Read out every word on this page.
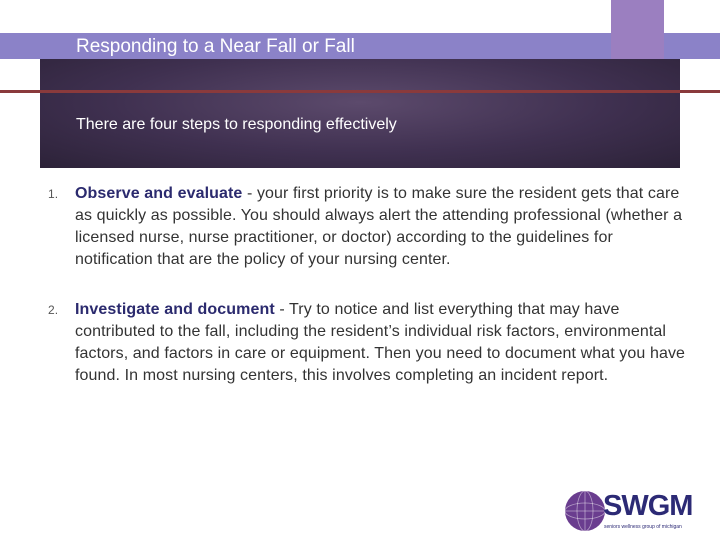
Responding to a Near Fall or Fall
There are four steps to responding effectively
1. Observe and evaluate - your first priority is to make sure the resident gets that care as quickly as possible. You should always alert the attending professional (whether a licensed nurse, nurse practitioner, or doctor) according to the guidelines for notification that are the policy of your nursing center.
2. Investigate and document - Try to notice and list everything that may have contributed to the fall, including the resident’s individual risk factors, environmental factors, and factors in care or equipment. Then you need to document what you have found. In most nursing centers, this involves completing an incident report.
SWGM
seniors wellness group of michigan
